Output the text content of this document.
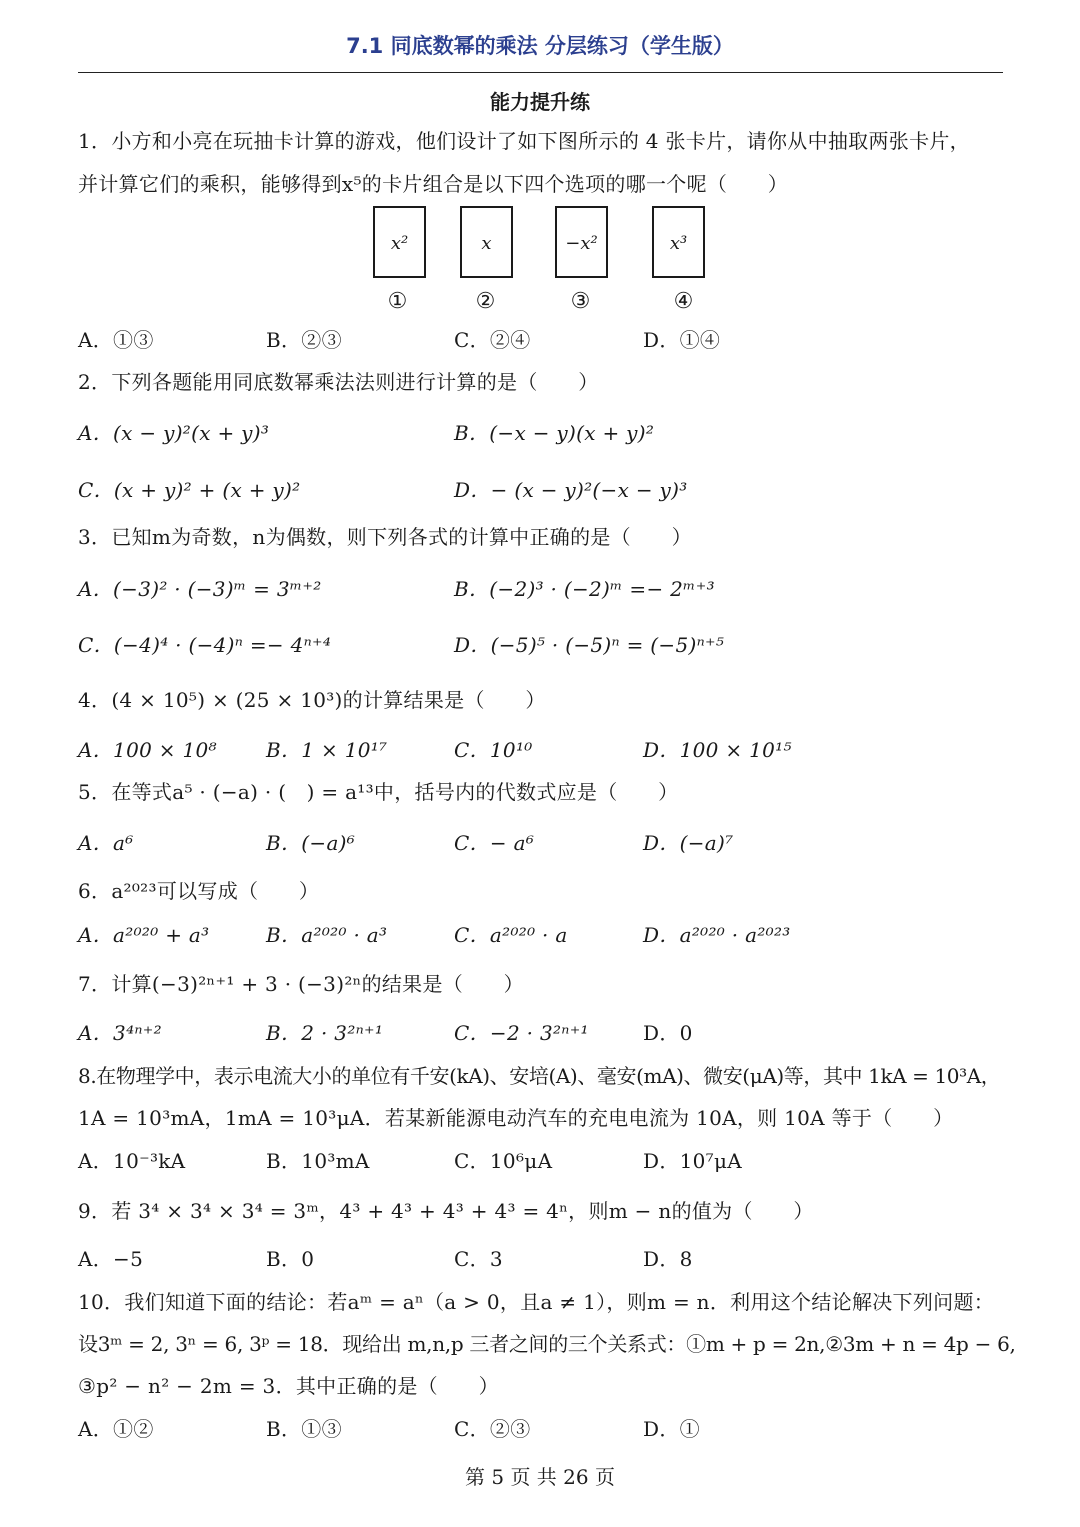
7.1 同底数幂的乘法 分层练习（学生版）
能力提升练
1．小方和小亮在玩抽卡计算的游戏，他们设计了如下图所示的 4 张卡片，请你从中抽取两张卡片，
并计算它们的乘积，能够得到x⁵的卡片组合是以下四个选项的哪一个呢（　　）
x²	x	−x²	x³
①	②	③	④
A．①③	B．②③	C．②④	D．①④
2．下列各题能用同底数幂乘法法则进行计算的是（　　）
A．(x − y)²(x + y)³	B．(−x − y)(x + y)²
C．(x + y)² + (x + y)²	D．− (x − y)²(−x − y)³
3．已知m为奇数，n为偶数，则下列各式的计算中正确的是（　　）
A．(−3)² · (−3)ᵐ = 3ᵐ⁺²	B．(−2)³ · (−2)ᵐ =− 2ᵐ⁺³
C．(−4)⁴ · (−4)ⁿ =− 4ⁿ⁺⁴	D．(−5)⁵ · (−5)ⁿ = (−5)ⁿ⁺⁵
4．(4 × 10⁵) × (25 × 10³)的计算结果是（　　）
A．100 × 10⁸ B．1 × 10¹⁷	C．10¹⁰	D．100 × 10¹⁵
5．在等式a⁵ · (−a) · (　) = a¹³中，括号内的代数式应是（　　）
A．a⁶	B．(−a)⁶	C．− a⁶	D．(−a)⁷
6．a²⁰²³可以写成（　　）
A．a²⁰²⁰ + a³	B．a²⁰²⁰ · a³	C．a²⁰²⁰ · a	D．a²⁰²⁰ · a²⁰²³
7．计算(−3)²ⁿ⁺¹ + 3 · (−3)²ⁿ的结果是（　　）
A．3⁴ⁿ⁺²	B．2 · 3²ⁿ⁺¹	C．−2 · 3²ⁿ⁺¹	D．0
8.在物理学中，表示电流大小的单位有千安(kA)、安培(A)、毫安(mA)、微安(μA)等，其中 1kA = 10³A，
1A = 10³mA，1mA = 10³μA．若某新能源电动汽车的充电电流为 10A，则 10A 等于（　　）
A．10⁻³kA	B．10³mA	C．10⁶μA	D．10⁷μA
9．若 3⁴ × 3⁴ × 3⁴ = 3ᵐ，4³ + 4³ + 4³ + 4³ = 4ⁿ，则m − n的值为（　　）
A．−5	B．0	C．3	D．8
10．我们知道下面的结论：若aᵐ = aⁿ（a > 0，且a ≠ 1），则m = n．利用这个结论解决下列问题：
设3ᵐ = 2, 3ⁿ = 6, 3ᵖ = 18．现给出 m,n,p 三者之间的三个关系式：①m + p = 2n,②3m + n = 4p − 6,
③p² − n² − 2m = 3．其中正确的是（　　）
A．①②	B．①③	C．②③	D．①
第 5 页 共 26 页
